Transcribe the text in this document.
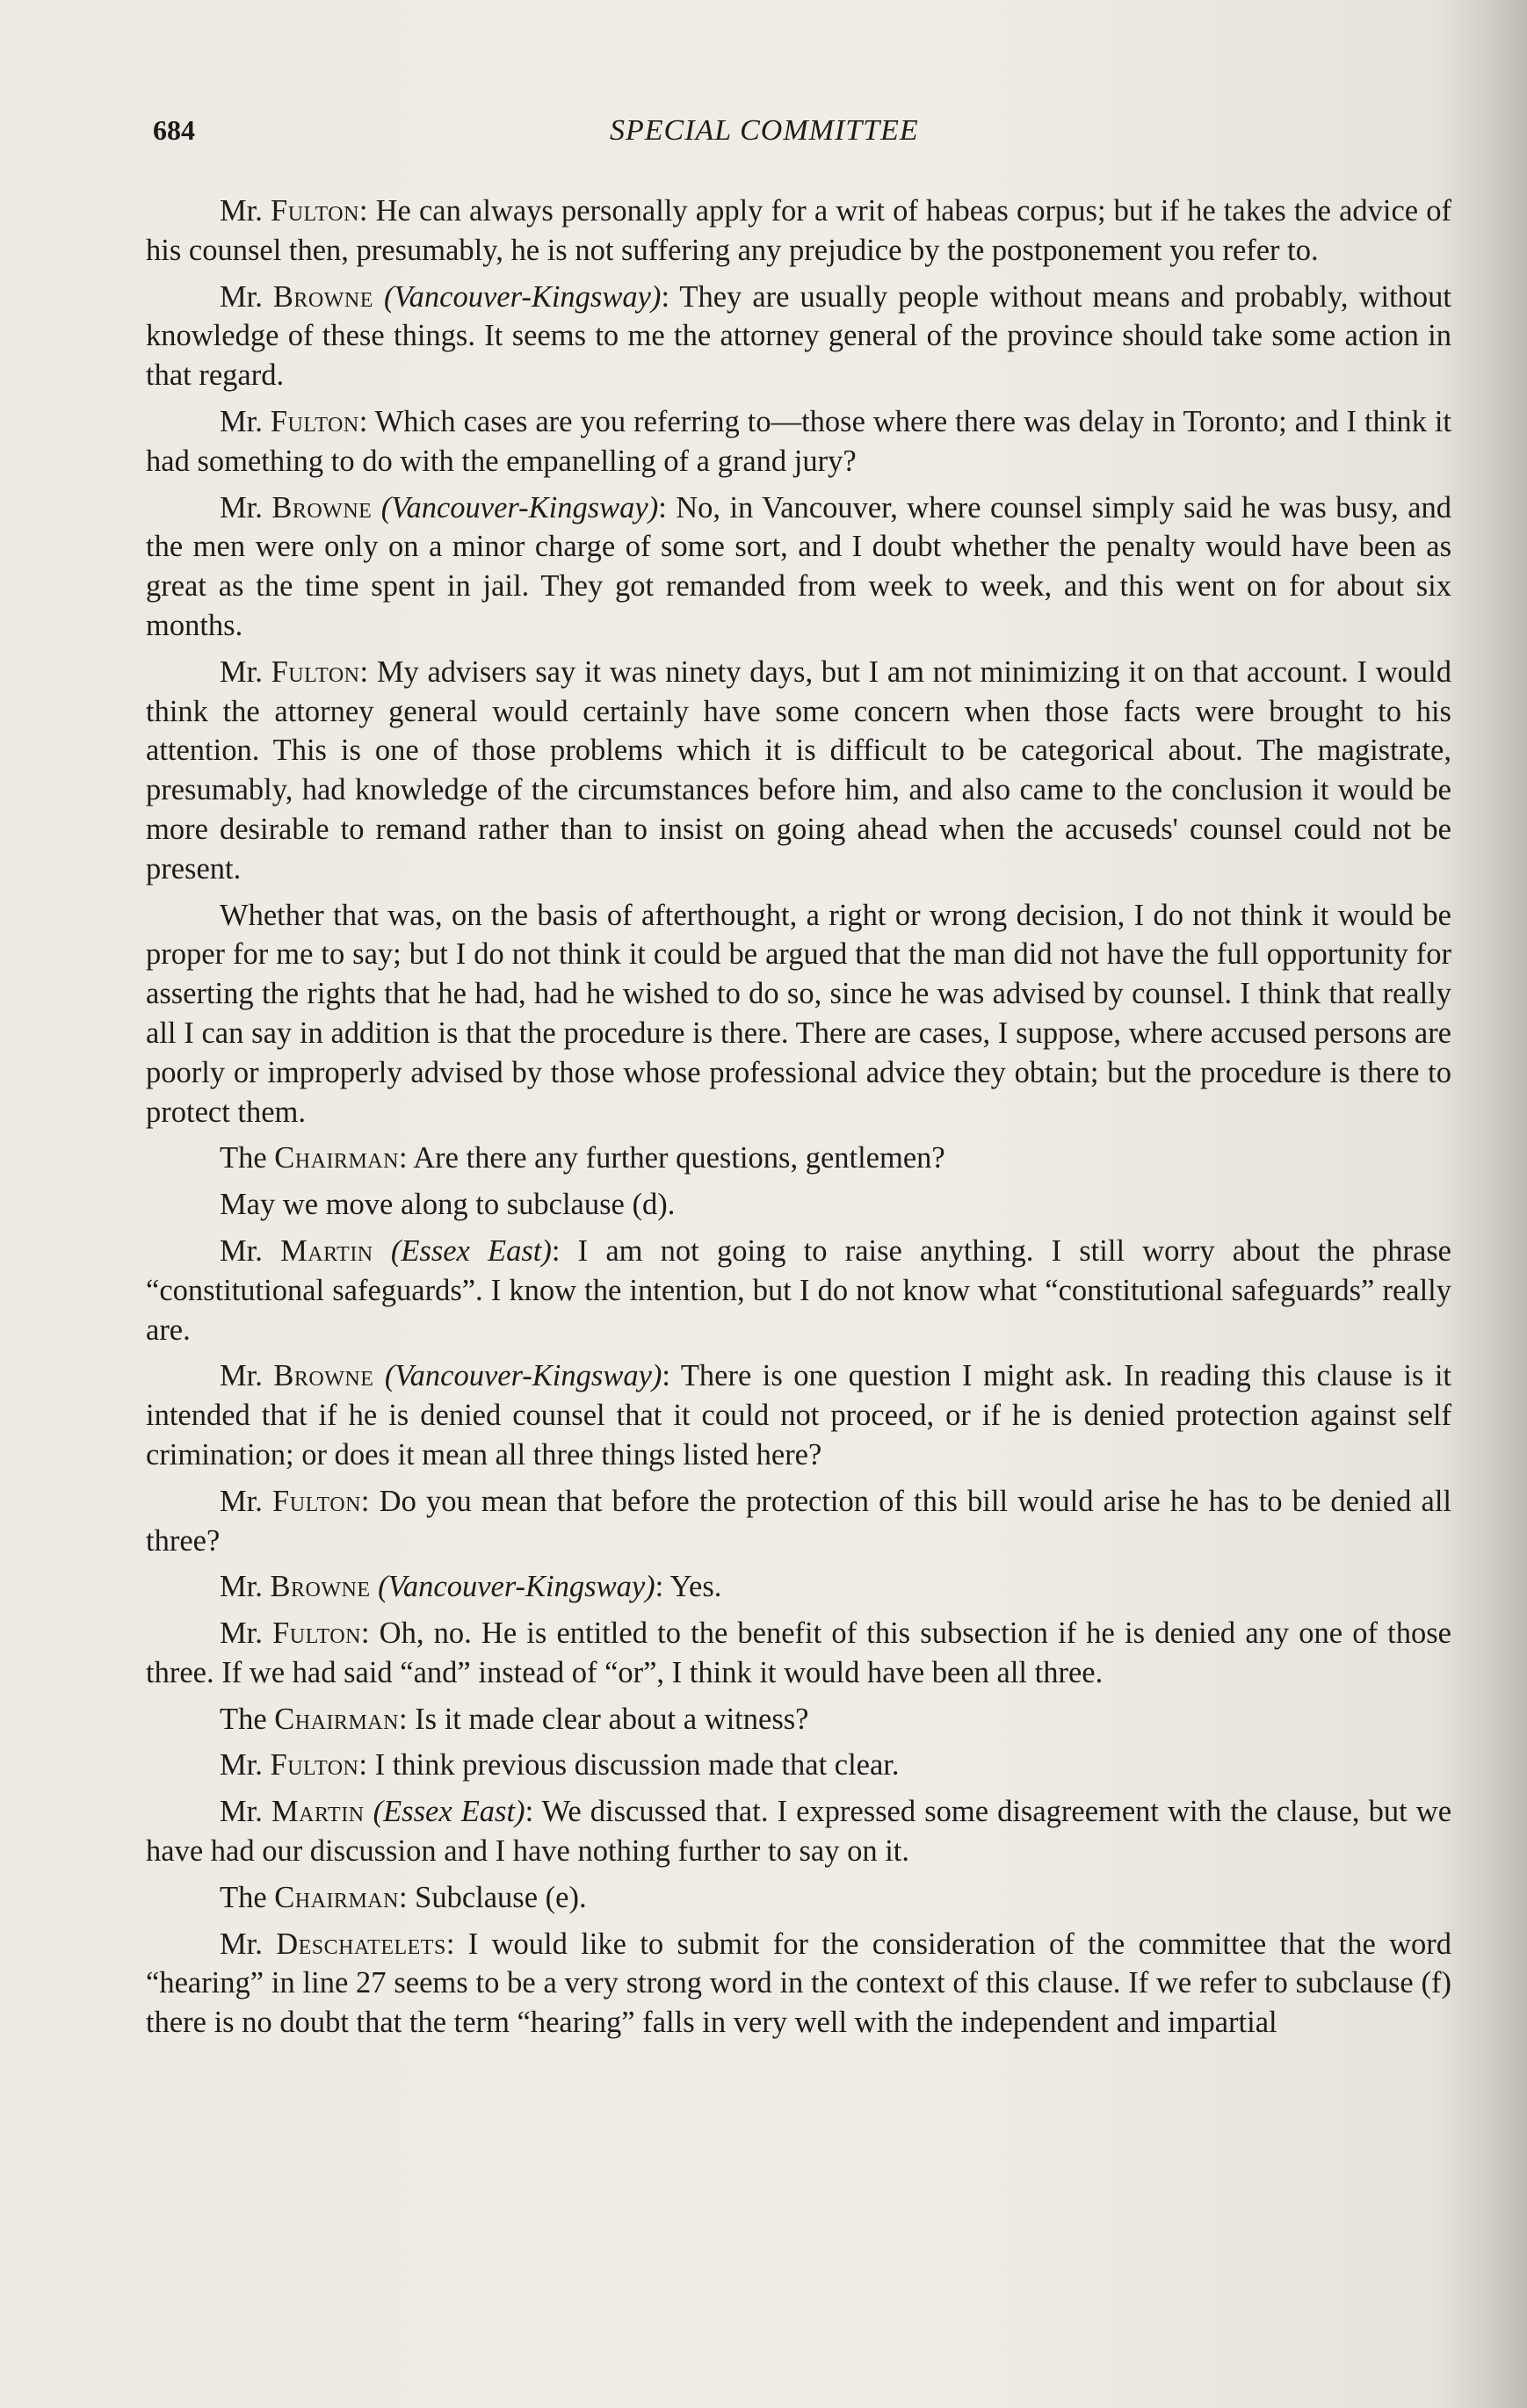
684	SPECIAL COMMITTEE

Mr. Fulton: He can always personally apply for a writ of habeas corpus; but if he takes the advice of his counsel then, presumably, he is not suffering any prejudice by the postponement you refer to.

Mr. Browne (Vancouver-Kingsway): They are usually people without means and probably, without knowledge of these things. It seems to me the attorney general of the province should take some action in that regard.

Mr. Fulton: Which cases are you referring to—those where there was delay in Toronto; and I think it had something to do with the empanelling of a grand jury?

Mr. Browne (Vancouver-Kingsway): No, in Vancouver, where counsel simply said he was busy, and the men were only on a minor charge of some sort, and I doubt whether the penalty would have been as great as the time spent in jail. They got remanded from week to week, and this went on for about six months.

Mr. Fulton: My advisers say it was ninety days, but I am not minimizing it on that account. I would think the attorney general would certainly have some concern when those facts were brought to his attention. This is one of those problems which it is difficult to be categorical about. The magistrate, presumably, had knowledge of the circumstances before him, and also came to the conclusion it would be more desirable to remand rather than to insist on going ahead when the accuseds' counsel could not be present.

Whether that was, on the basis of afterthought, a right or wrong decision, I do not think it would be proper for me to say; but I do not think it could be argued that the man did not have the full opportunity for asserting the rights that he had, had he wished to do so, since he was advised by counsel. I think that really all I can say in addition is that the procedure is there. There are cases, I suppose, where accused persons are poorly or improperly advised by those whose professional advice they obtain; but the procedure is there to protect them.

The Chairman: Are there any further questions, gentlemen?

May we move along to subclause (d).

Mr. Martin (Essex East): I am not going to raise anything. I still worry about the phrase “constitutional safeguards”. I know the intention, but I do not know what “constitutional safeguards” really are.

Mr. Browne (Vancouver-Kingsway): There is one question I might ask. In reading this clause is it intended that if he is denied counsel that it could not proceed, or if he is denied protection against self crimination; or does it mean all three things listed here?

Mr. Fulton: Do you mean that before the protection of this bill would arise he has to be denied all three?

Mr. Browne (Vancouver-Kingsway): Yes.

Mr. Fulton: Oh, no. He is entitled to the benefit of this subsection if he is denied any one of those three. If we had said “and” instead of “or”, I think it would have been all three.

The Chairman: Is it made clear about a witness?

Mr. Fulton: I think previous discussion made that clear.

Mr. Martin (Essex East): We discussed that. I expressed some disagreement with the clause, but we have had our discussion and I have nothing further to say on it.

The Chairman: Subclause (e).

Mr. Deschatelets: I would like to submit for the consideration of the committee that the word “hearing” in line 27 seems to be a very strong word in the context of this clause. If we refer to subclause (f) there is no doubt that the term “hearing” falls in very well with the independent and impartial
